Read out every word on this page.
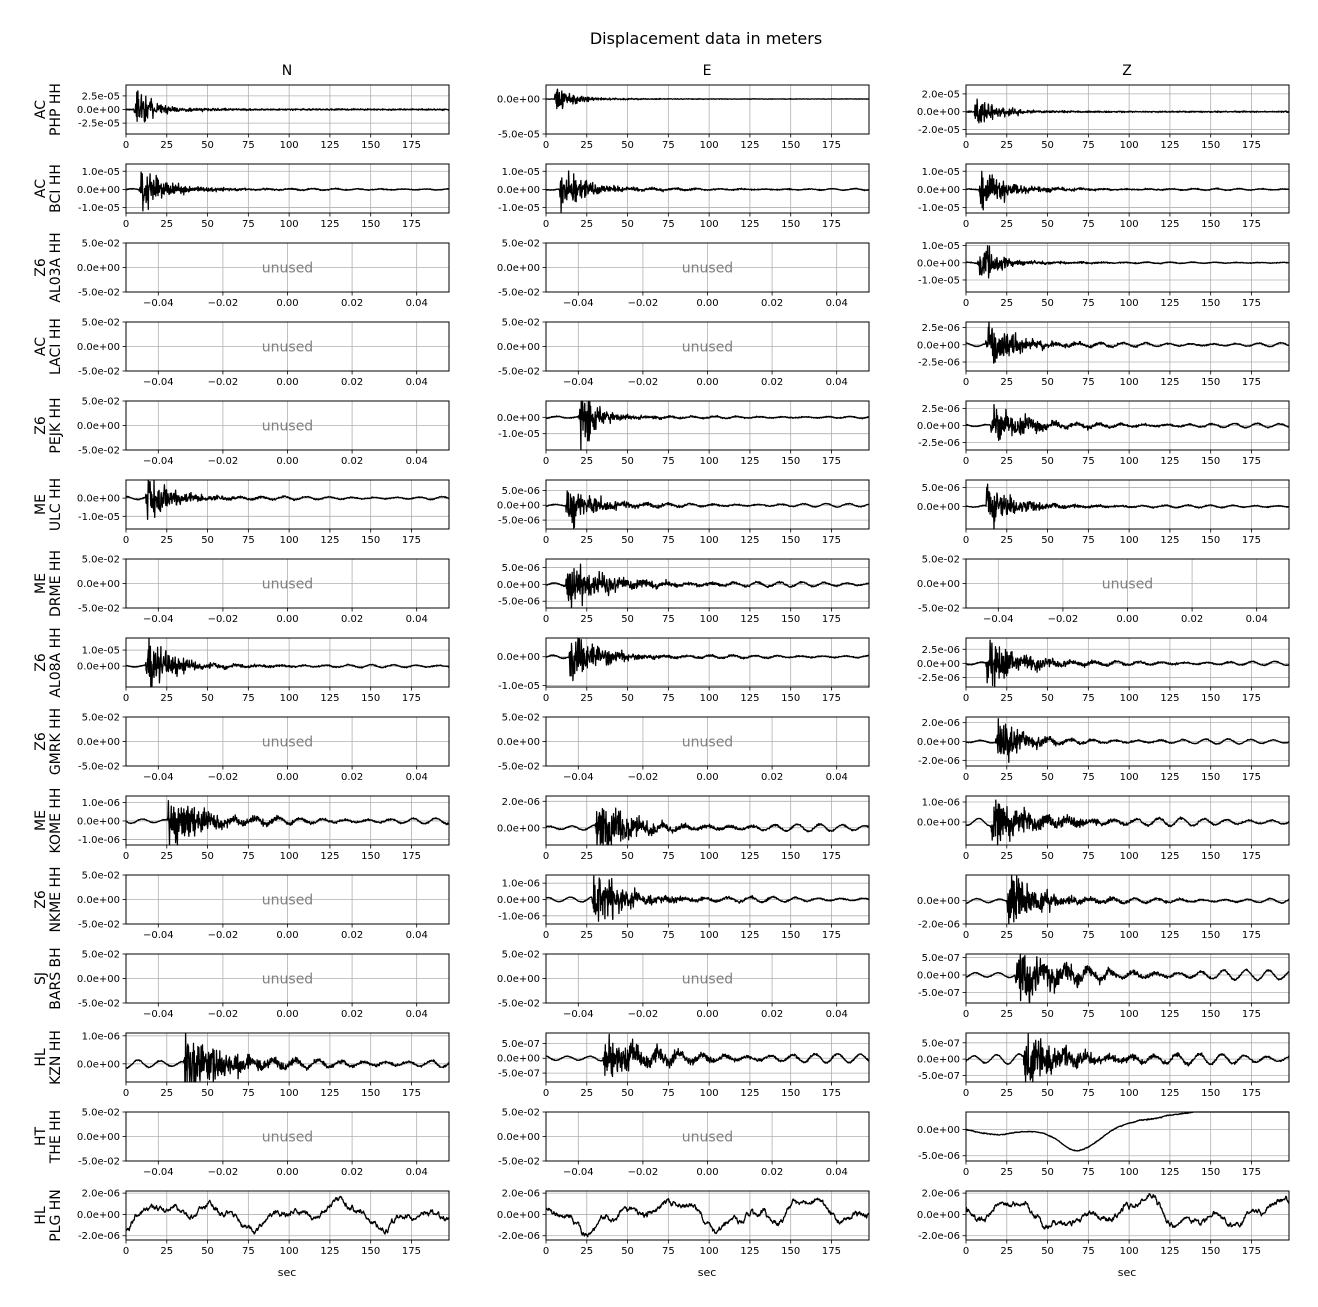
Displacement data in meters
N	E	Z
sec	sec	sec
AC PHP HH
0	25	50	75 100 125 150 175
2.5e-05
0.0e+00
-2.5e-05
0	25	50	75 100 125 150 175
0.0e+00
-5.0e-05
0	25	50	75 100 125 150 175
2.0e-05
0.0e+00
-2.0e-05
AC BCI HH
0	25	50	75 100 125 150 175
1.0e-05
0.0e+00
-1.0e-05
0	25	50	75 100 125 150 175
1.0e-05
0.0e+00
-1.0e-05
0	25	50	75 100 125 150 175
1.0e-05
0.0e+00
-1.0e-05
Z6 AL03A HH	unused
−0.04	−0.02	0.00	0.02	0.04
5.0e-02
0.0e+00
-5.0e-02
unused
−0.04	−0.02	0.00	0.02	0.04
5.0e-02
0.0e+00
-5.0e-02
0	25	50	75 100 125 150 175
1.0e-05
0.0e+00
-1.0e-05
AC LACI HH	unused
−0.04	−0.02	0.00	0.02	0.04
5.0e-02
0.0e+00
-5.0e-02
unused
−0.04	−0.02	0.00	0.02	0.04
5.0e-02
0.0e+00
-5.0e-02
0	25	50	75 100 125 150 175
2.5e-06
0.0e+00
-2.5e-06
Z6 PEJK HH	unused
−0.04	−0.02	0.00	0.02	0.04
5.0e-02
0.0e+00
-5.0e-02
0	25	50	75 100 125 150 175
0.0e+00
-1.0e-05
0	25	50	75 100 125 150 175
2.5e-06
0.0e+00
-2.5e-06
ME ULC HH
0	25	50	75 100 125 150 175
0.0e+00
-1.0e-05
0	25	50	75 100 125 150 175
5.0e-06
0.0e+00
-5.0e-06
0	25	50	75 100 125 150 175
5.0e-06
0.0e+00
ME DRME HH	unused
−0.04	−0.02	0.00	0.02	0.04
5.0e-02
0.0e+00
-5.0e-02
0	25	50	75 100 125 150 175
5.0e-06
0.0e+00
-5.0e-06
unused
−0.04	−0.02	0.00	0.02	0.04
5.0e-02
0.0e+00
-5.0e-02
Z6 AL08A HH
0	25	50	75 100 125 150 175
1.0e-05
0.0e+00
0	25	50	75 100 125 150 175
0.0e+00
-1.0e-05
0	25	50	75 100 125 150 175
2.5e-06
0.0e+00
-2.5e-06
Z6 GMRK HH	unused
−0.04	−0.02	0.00	0.02	0.04
5.0e-02
0.0e+00
-5.0e-02
unused
−0.04	−0.02	0.00	0.02	0.04
5.0e-02
0.0e+00
-5.0e-02
0	25	50	75 100 125 150 175
2.0e-06
0.0e+00
-2.0e-06
ME KOME HH
0	25	50	75 100 125 150 175
1.0e-06
0.0e+00
-1.0e-06
0	25	50	75 100 125 150 175
2.0e-06
0.0e+00
0	25	50	75 100 125 150 175
1.0e-06
0.0e+00
Z6 NKME HH	unused
−0.04	−0.02	0.00	0.02	0.04
5.0e-02
0.0e+00
-5.0e-02
0	25	50	75 100 125 150 175
1.0e-06
0.0e+00
-1.0e-06
0	25	50	75 100 125 150 175
0.0e+00
-2.0e-06
SJ BARS BH	unused
−0.04	−0.02	0.00	0.02	0.04
5.0e-02
0.0e+00
-5.0e-02
unused
−0.04	−0.02	0.00	0.02	0.04
5.0e-02
0.0e+00
-5.0e-02
0	25	50	75 100 125 150 175
5.0e-07
0.0e+00
-5.0e-07
HL KZN HH
0	25	50	75 100 125 150 175
1.0e-06
0.0e+00
0	25	50	75 100 125 150 175
5.0e-07
0.0e+00
-5.0e-07
0	25	50	75 100 125 150 175
5.0e-07
0.0e+00
-5.0e-07
HT THE HH	unused
−0.04	−0.02	0.00	0.02	0.04
5.0e-02
0.0e+00
-5.0e-02
unused
−0.04	−0.02	0.00	0.02	0.04
5.0e-02
0.0e+00
-5.0e-02
0	25	50	75 100 125 150 175
0.0e+00
-5.0e-06
HL PLG HN
0	25	50	75 100 125 150 175
2.0e-06
0.0e+00
-2.0e-06
0	25	50	75 100 125 150 175
2.0e-06
0.0e+00
-2.0e-06
0	25	50	75 100 125 150 175
2.0e-06
0.0e+00
-2.0e-06
